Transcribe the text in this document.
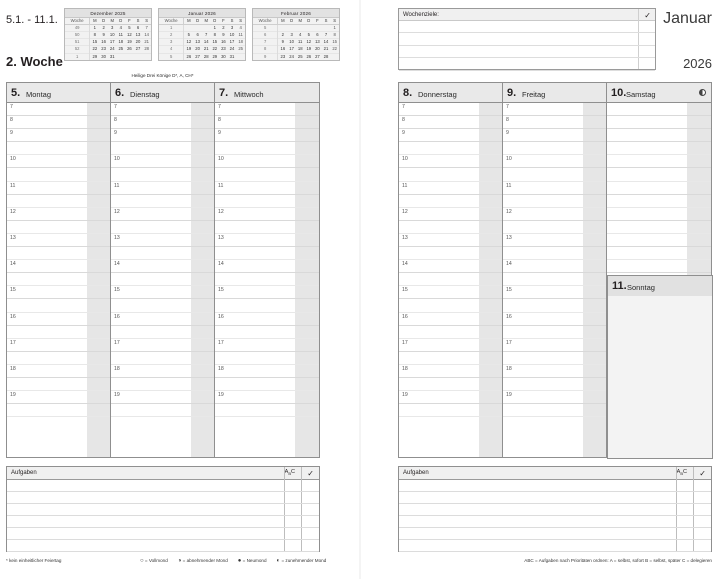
5.1. - 11.1.
2. Woche
Dezember 2025
Woche	M	D	M	D	F	S	S
49	1	2	3	4	5	6	7
50	8	9	10	11	12	13	14
51	15	16	17	18	19	20	21
52	22	23	24	25	26	27	28
1	29	30	31				
Januar 2026
Woche	M	D	M	D	F	S	S
1				1	2	3	4
2	5	6	7	8	9	10	11
3	12	13	14	15	16	17	18
4	19	20	21	22	23	24	25
5	26	27	28	29	30	31	
Februar 2026
Woche	M	D	M	D	F	S	S
5							1
6	2	3	4	5	6	7	8
7	9	10	11	12	13	14	15
8	16	17	18	19	20	21	22
9	23	24	25	26	27	28	
5. Montag
7
8
9
10
11
12
13
14
15
16
17
18
19
Heilige Drei Könige D*, A, CH*
6. Dienstag
7
8
9
10
11
12
13
14
15
16
17
18
19
7. Mittwoch
7
8
9
10
11
12
13
14
15
16
17
18
19
Aufgaben	$A_BC$ ✓
* kein einheitlicher Feiertag	○ = Vollmond ◑ = abnehmender Mond ● = Neumond ◐ = zunehmender Mond
Wochenziele:	✓ Januar
2026
8. Donnerstag
7
8
9
10
11
12
13
14
15
16
17
18
19
9. Freitag
7
8
9
10
11
12
13
14
15
16
17
18
19
10. Samstag
11. Sonntag
Aufgaben	$A_BC$ ✓
ABC = Aufgaben nach Prioritäten ordnen: A = selbst, sofort B = selbst, später C = delegieren
